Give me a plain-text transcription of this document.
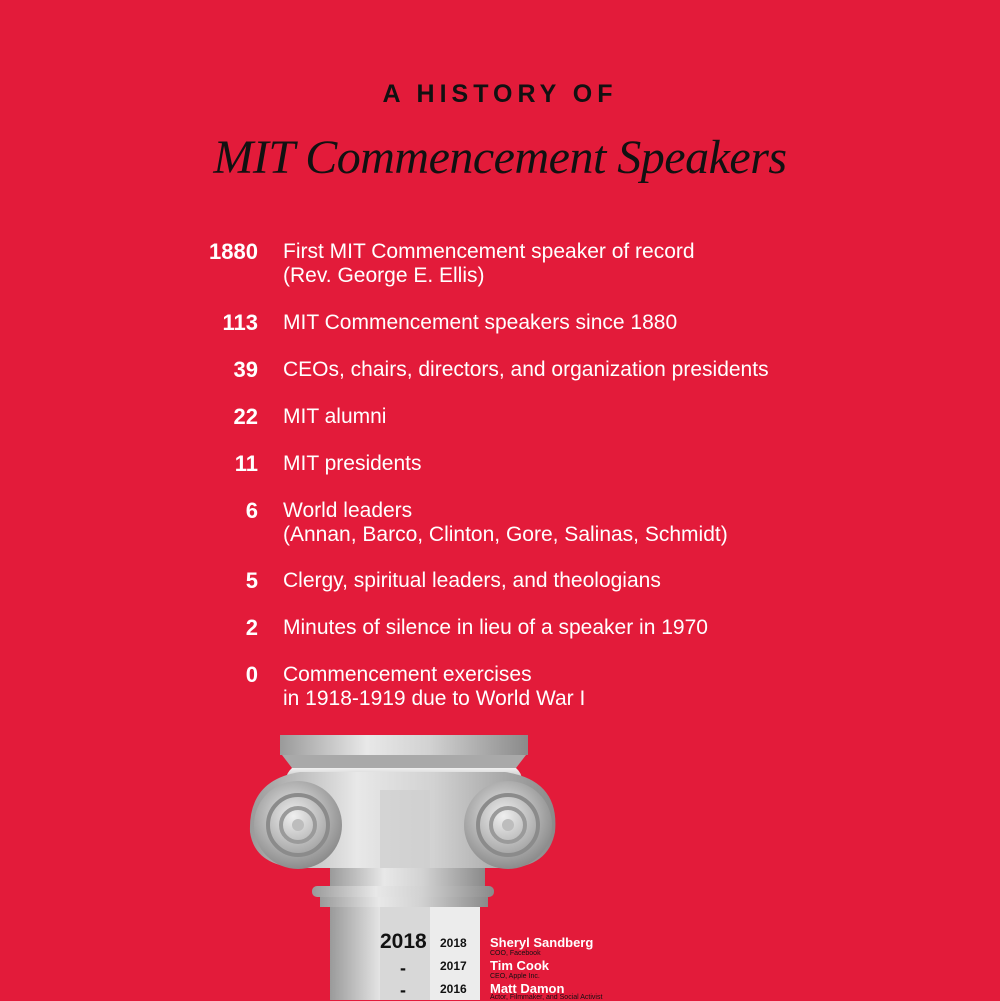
A HISTORY OF
MIT Commencement Speakers
1880 First MIT Commencement speaker of record
(Rev. George E. Ellis)
113 MIT Commencement speakers since 1880
39 CEOs, chairs, directors, and organization presidents
22 MIT alumni
11 MIT presidents
6 World leaders
(Annan, Barco, Clinton, Gore, Salinas, Schmidt)
5 Clergy, spiritual leaders, and theologians
2 Minutes of silence in lieu of a speaker in 1970
0 Commencement exercises
in 1918-1919 due to World War I
2018
-
-
2018 Sheryl Sandberg
COO, Facebook
2017 Tim Cook
CEO, Apple Inc.
2016 Matt Damon
Actor, Filmmaker, and Social Activist
